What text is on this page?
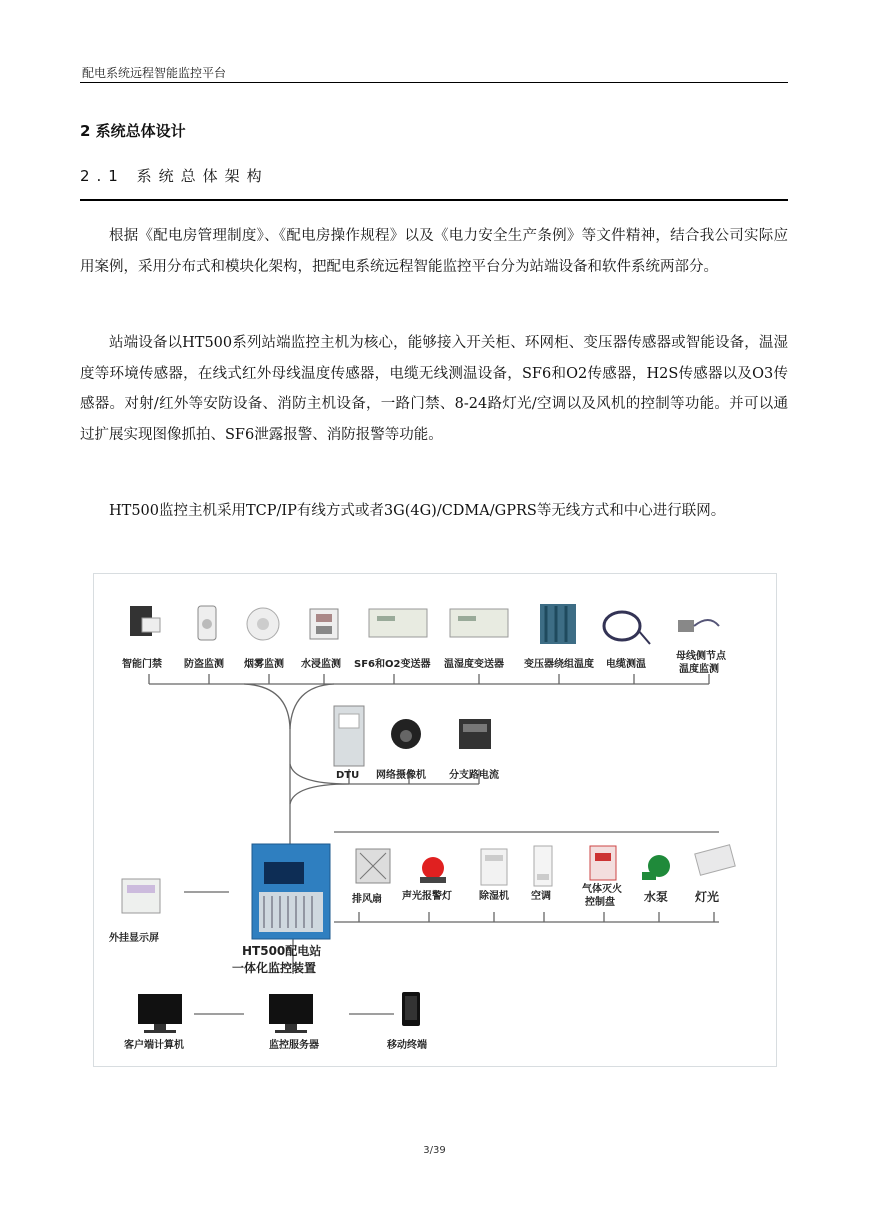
配电系统远程智能监控平台
2 系统总体设计
2.1 系统总体架构
根据《配电房管理制度》、《配电房操作规程》以及《电力安全生产条例》等文件精神，结合我公司实际应用案例，采用分布式和模块化架构，把配电系统远程智能监控平台分为站端设备和软件系统两部分。
站端设备以HT500系列站端监控主机为核心，能够接入开关柜、环网柜、变压器传感器或智能设备，温湿度等环境传感器，在线式红外母线温度传感器，电缆无线测温设备，SF6和O2传感器，H2S传感器以及O3传感器。对射/红外等安防设备、消防主机设备，一路门禁、8-24路灯光/空调以及风机的控制等功能。并可以通过扩展实现图像抓拍、SF6泄露报警、消防报警等功能。
HT500监控主机采用TCP/IP有线方式或者3G(4G)/CDMA/GPRS等无线方式和中心进行联网。
智能门禁 防盗监测 烟雾监测 水浸监测 SF6和O2变送器 温湿度变送器 变压器绕组温度 电缆测温
母线侧节点
温度监测
DTU 网络摄像机 分支路电流
HT500配电站
一体化监控装置
外挂显示屏
排风扇 声光报警灯	除湿机 空调
气体灭火
控制盘 水泵 灯光
客户端计算机	监控服务器	移动终端
3/39
